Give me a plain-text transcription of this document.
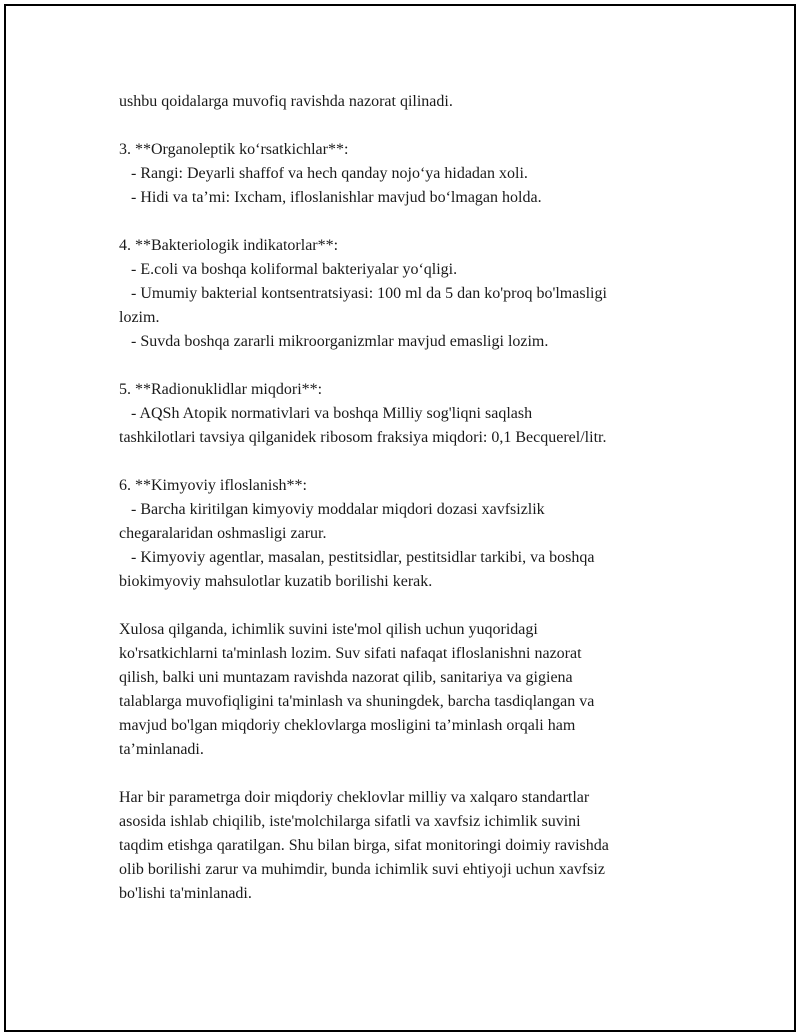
ushbu qoidalarga muvofiq ravishda nazorat qilinadi.
3. **Organoleptik ko‘rsatkichlar**:
- Rangi: Deyarli shaffof va hech qanday nojo‘ya hidadan xoli.
- Hidi va ta’mi: Ixcham, ifloslanishlar mavjud bo‘lmagan holda.
4. **Bakteriologik indikatorlar**:
- E.coli va boshqa koliformal bakteriyalar yo‘qligi.
- Umumiy bakterial kontsentratsiyasi: 100 ml da 5 dan ko'proq bo'lmasligi
lozim.
- Suvda boshqa zararli mikroorganizmlar mavjud emasligi lozim.
5. **Radionuklidlar miqdori**:
- AQSh Atopik normativlari va boshqa Milliy sog'liqni saqlash
tashkilotlari tavsiya qilganidek ribosom fraksiya miqdori: 0,1 Becquerel/litr.
6. **Kimyoviy ifloslanish**:
- Barcha kiritilgan kimyoviy moddalar miqdori dozasi xavfsizlik
chegaralaridan oshmasligi zarur.
- Kimyoviy agentlar, masalan, pestitsidlar, pestitsidlar tarkibi, va boshqa
biokimyoviy mahsulotlar kuzatib borilishi kerak.
Xulosa qilganda, ichimlik suvini iste'mol qilish uchun yuqoridagi
ko'rsatkichlarni ta'minlash lozim. Suv sifati nafaqat ifloslanishni nazorat
qilish, balki uni muntazam ravishda nazorat qilib, sanitariya va gigiena
talablarga muvofiqligini ta'minlash va shuningdek, barcha tasdiqlangan va
mavjud bo'lgan miqdoriy cheklovlarga mosligini ta’minlash orqali ham
ta’minlanadi.
Har bir parametrga doir miqdoriy cheklovlar milliy va xalqaro standartlar
asosida ishlab chiqilib, iste'molchilarga sifatli va xavfsiz ichimlik suvini
taqdim etishga qaratilgan. Shu bilan birga, sifat monitoringi doimiy ravishda
olib borilishi zarur va muhimdir, bunda ichimlik suvi ehtiyoji uchun xavfsiz
bo'lishi ta'minlanadi.
